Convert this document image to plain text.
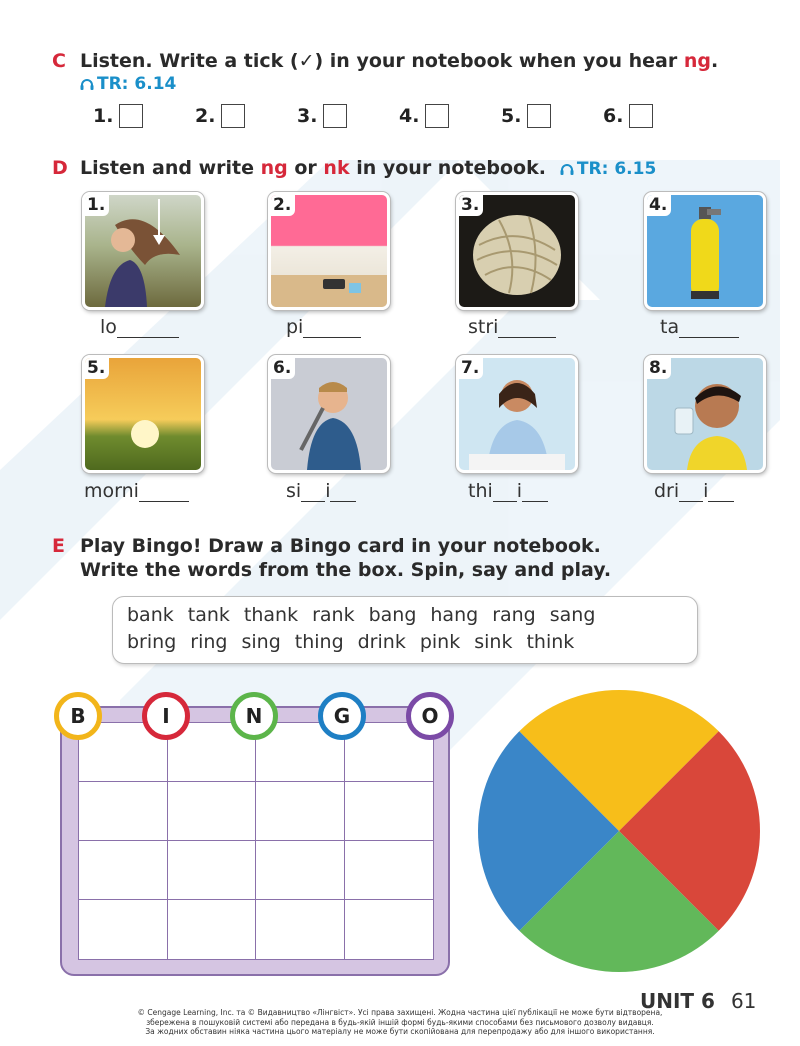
C Listen. Write a tick (✓) in your notebook when you hear ng.
TR: 6.14
1.	2.	3.	4.	5.	6.
D Listen and write ng or nk in your notebook.	TR: 6.15
1.	2.	3.	4.
lo	pi	stri	ta
5.	6.	7.	8.
morni	si i	thi i	dri i
E Play Bingo! Draw a Bingo card in your notebook.
Write the words from the box. Spin, say and play.
bank tank thank rank bang hang rang sang
bring ring sing thing drink pink sink think
B	I	N	G	O
UNIT 6 61
© Cengage Learning, Inc. та © Видавництво «Лінгвіст». Усі права захищені. Жодна частина цієї публікації не може бути відтворена,
збережена в пошуковій системі або передана в будь-якій іншій формі будь-якими способами без письмового дозволу видавця.
За жодних обставин ніяка частина цього матеріалу не може бути скопійована для перепродажу або для іншого використання.
